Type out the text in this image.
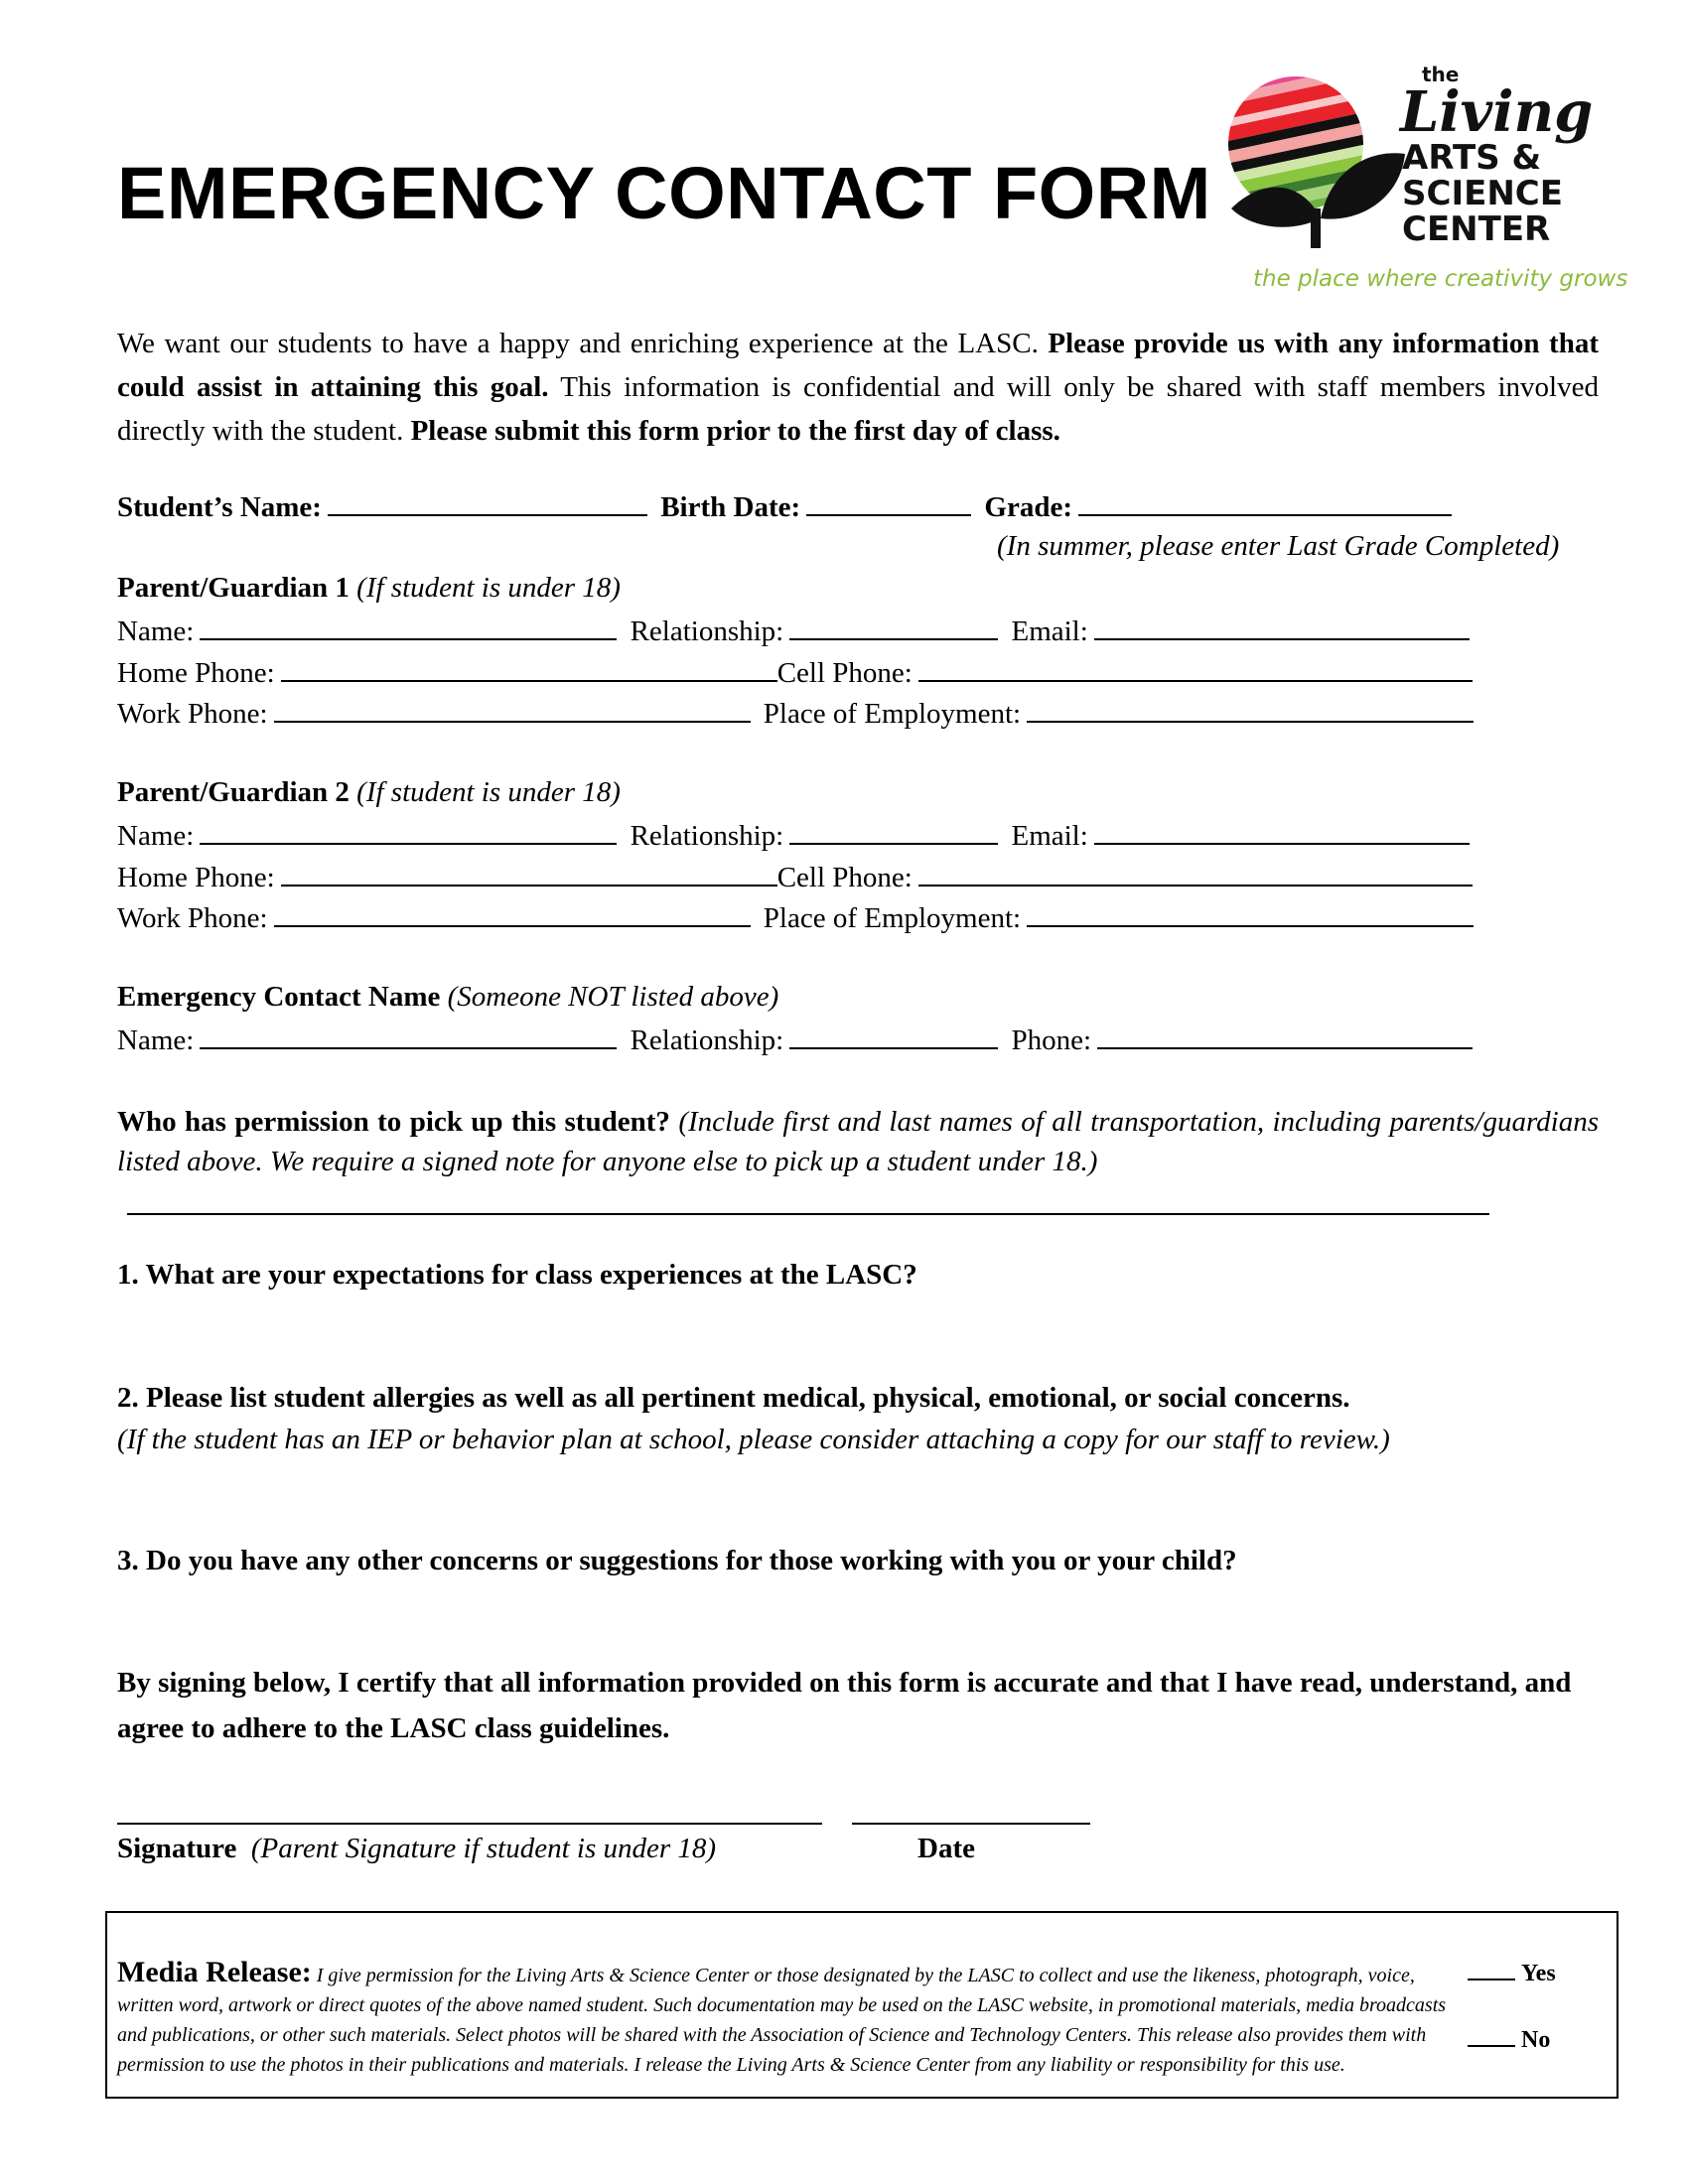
EMERGENCY CONTACT FORM
the
Living
ARTS &
SCIENCE
CENTER
the place where creativity grows
We want our students to have a happy and enriching experience at the LASC. Please provide us with any information that could assist in attaining this goal. This information is confidential and will only be shared with staff members involved directly with the student. Please submit this form prior to the first day of class.
Student’s Name:	Birth Date:	Grade:
(In summer, please enter Last Grade Completed)
Parent/Guardian 1 (If student is under 18)
Name:	Relationship:	Email:
Home Phone:	Cell Phone:
Work Phone:	Place of Employment:
Parent/Guardian 2 (If student is under 18)
Name:	Relationship:	Email:
Home Phone:	Cell Phone:
Work Phone:	Place of Employment:
Emergency Contact Name (Someone NOT listed above)
Name:	Relationship:	Phone:
Who has permission to pick up this student? (Include first and last names of all transportation, including parents/guardians listed above. We require a signed note for anyone else to pick up a student under 18.)
1. What are your expectations for class experiences at the LASC?
2. Please list student allergies as well as all pertinent medical, physical, emotional, or social concerns.
(If the student has an IEP or behavior plan at school, please consider attaching a copy for our staff to review.)
3. Do you have any other concerns or suggestions for those working with you or your child?
By signing below, I certify that all information provided on this form is accurate and that I have read, understand, and agree to adhere to the LASC class guidelines.
Signature (Parent Signature if student is under 18)	Date
Media Release: I give permission for the Living Arts & Science Center or those designated by the LASC to collect and use the likeness, photograph, voice, written word, artwork or direct quotes of the above named student. Such documentation may be used on the LASC website, in promotional materials, media broadcasts and publications, or other such materials. Select photos will be shared with the Association of Science and Technology Centers. This release also provides them with permission to use the photos in their publications and materials. I release the Living Arts & Science Center from any liability or responsibility for this use.
Yes
No
